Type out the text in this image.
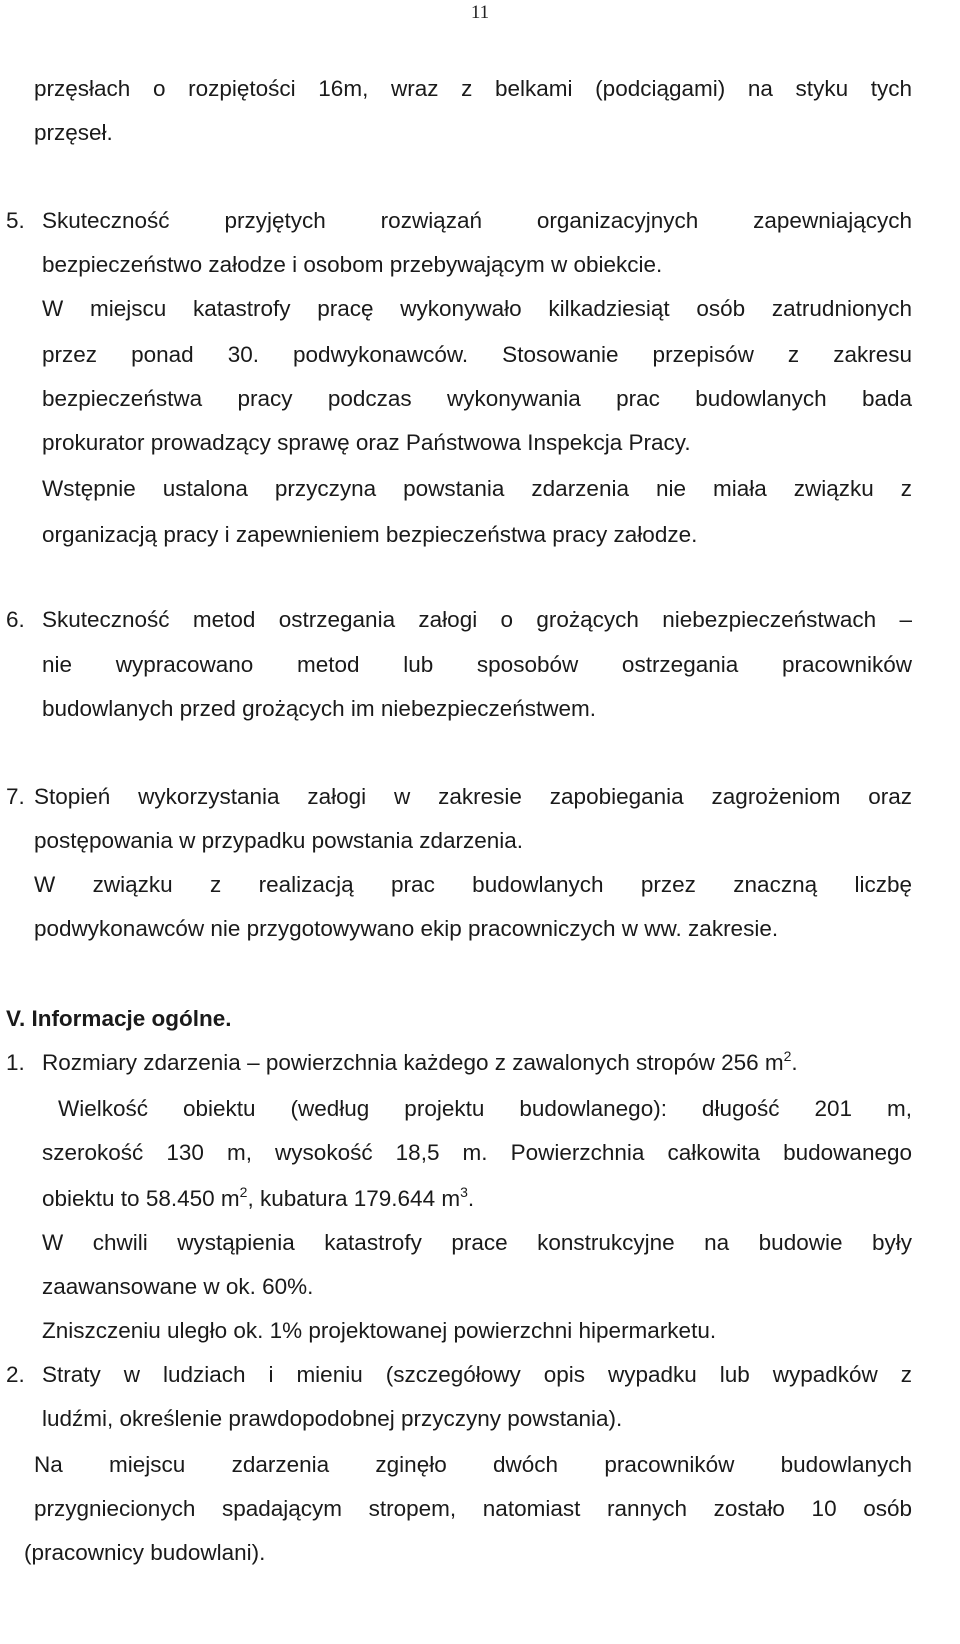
11
przęsłach o rozpiętości 16m, wraz z belkami (podciągami) na styku tych
przęseł.
5. Skuteczność przyjętych rozwiązań organizacyjnych zapewniających
bezpieczeństwo załodze i osobom przebywającym w obiekcie.
W miejscu katastrofy pracę wykonywało kilkadziesiąt osób zatrudnionych
przez ponad 30. podwykonawców. Stosowanie przepisów z zakresu
bezpieczeństwa pracy podczas wykonywania prac budowlanych bada
prokurator prowadzący sprawę oraz Państwowa Inspekcja Pracy.
Wstępnie ustalona przyczyna powstania zdarzenia nie miała związku z
organizacją pracy i zapewnieniem bezpieczeństwa pracy załodze.
6. Skuteczność metod ostrzegania załogi o grożących niebezpieczeństwach –
nie wypracowano metod lub sposobów ostrzegania pracowników
budowlanych przed grożących im niebezpieczeństwem.
7. Stopień wykorzystania załogi w zakresie zapobiegania zagrożeniom oraz
postępowania w przypadku powstania zdarzenia.
W związku z realizacją prac budowlanych przez znaczną liczbę
podwykonawców nie przygotowywano ekip pracowniczych w ww. zakresie.
V. Informacje ogólne.
1. Rozmiary zdarzenia – powierzchnia każdego z zawalonych stropów 256 $m^2$.
Wielkość obiektu (według projektu budowlanego): długość 201 m,
szerokość 130 m, wysokość 18,5 m. Powierzchnia całkowita budowanego
obiektu to 58.450 $m^2$, kubatura 179.644 $m^3$.
W chwili wystąpienia katastrofy prace konstrukcyjne na budowie były
zaawansowane w ok. 60%.
Zniszczeniu uległo ok. 1% projektowanej powierzchni hipermarketu.
2. Straty w ludziach i mieniu (szczegółowy opis wypadku lub wypadków z
ludźmi, określenie prawdopodobnej przyczyny powstania).
Na miejscu zdarzenia zginęło dwóch pracowników budowlanych
przygniecionych spadającym stropem, natomiast rannych zostało 10 osób
(pracownicy budowlani).
